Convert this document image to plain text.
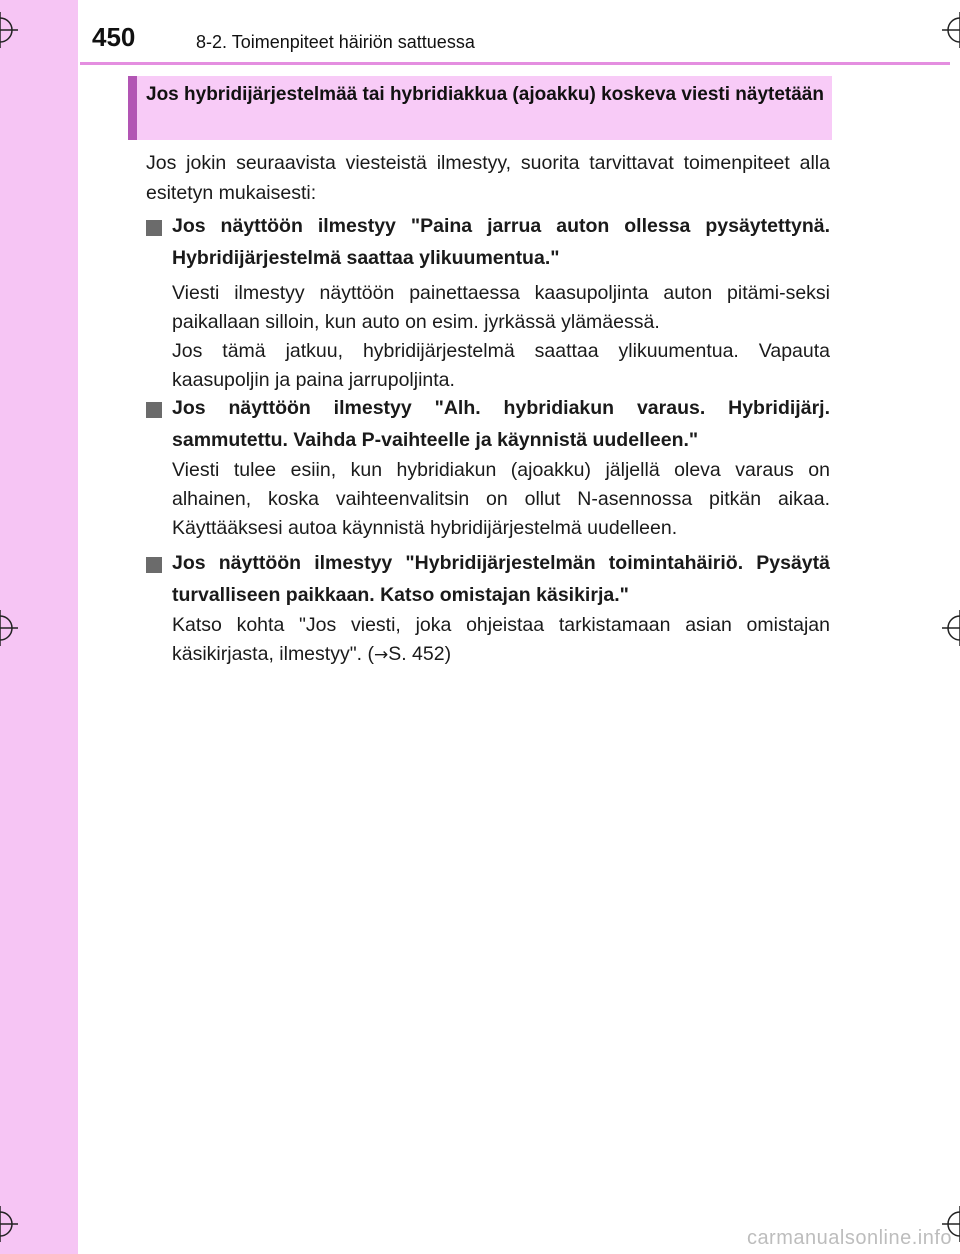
450	8-2. Toimenpiteet häiriön sattuessa
Jos hybridijärjestelmää tai hybridiakkua (ajoakku) koskeva viesti näytetään
Jos jokin seuraavista viesteistä ilmestyy, suorita tarvittavat toimenpiteet alla esitetyn mukaisesti:
Jos näyttöön ilmestyy "Paina jarrua auton ollessa pysäytettynä. Hybridijärjestelmä saattaa ylikuumentua."
Viesti ilmestyy näyttöön painettaessa kaasupoljinta auton pitämi-seksi paikallaan silloin, kun auto on esim. jyrkässä ylämäessä.
Jos tämä jatkuu, hybridijärjestelmä saattaa ylikuumentua. Vapauta kaasupoljin ja paina jarrupoljinta.
Jos näyttöön ilmestyy "Alh. hybridiakun varaus. Hybridijärj. sammutettu. Vaihda P-vaihteelle ja käynnistä uudelleen."
Viesti tulee esiin, kun hybridiakun (ajoakku) jäljellä oleva varaus on alhainen, koska vaihteenvalitsin on ollut N-asennossa pitkän aikaa. Käyttääksesi autoa käynnistä hybridijärjestelmä uudelleen.
Jos näyttöön ilmestyy "Hybridijärjestelmän toimintahäiriö. Pysäytä turvalliseen paikkaan. Katso omistajan käsikirja."
Katso kohta "Jos viesti, joka ohjeistaa tarkistamaan asian omistajan käsikirjasta, ilmestyy". (→S. 452)
carmanualsonline.info
